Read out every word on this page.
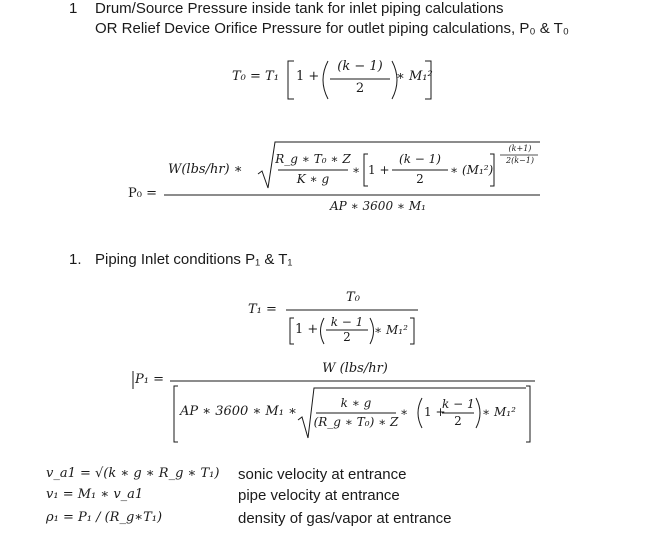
1 Drum/Source Pressure inside tank for inlet piping calculations
OR Relief Device Orifice Pressure for outlet piping calculations, P₀ & T₀
T₀ = T₁ 1 +
(k − 1)
2
∗ M₁²
P₀ =
W(lbs/hr) ∗
R_g ∗ T₀ ∗ Z
K ∗ g
∗ 1 +
(k − 1)
2
∗ (M₁²)
(k+1)
2(k−1)
AP ∗ 3600 ∗ M₁
1. Piping Inlet conditions P₁ & T₁
T₁ =
T₀
1 +	k − 1
2	∗ M₁²
P₁ =
W (lbs/hr)
AP ∗ 3600 ∗ M₁ ∗
k ∗ g
(R_g ∗ T₀) ∗ Z
∗ 1 +
k − 1
2
∗ M₁²
v_a1 = √(k ∗ g ∗ R_g ∗ T₁) sonic velocity at entrance
v₁ = M₁ ∗ v_a1	pipe velocity at entrance
ρ₁ = P₁ / (R_g∗T₁)	density of gas/vapor at entrance
